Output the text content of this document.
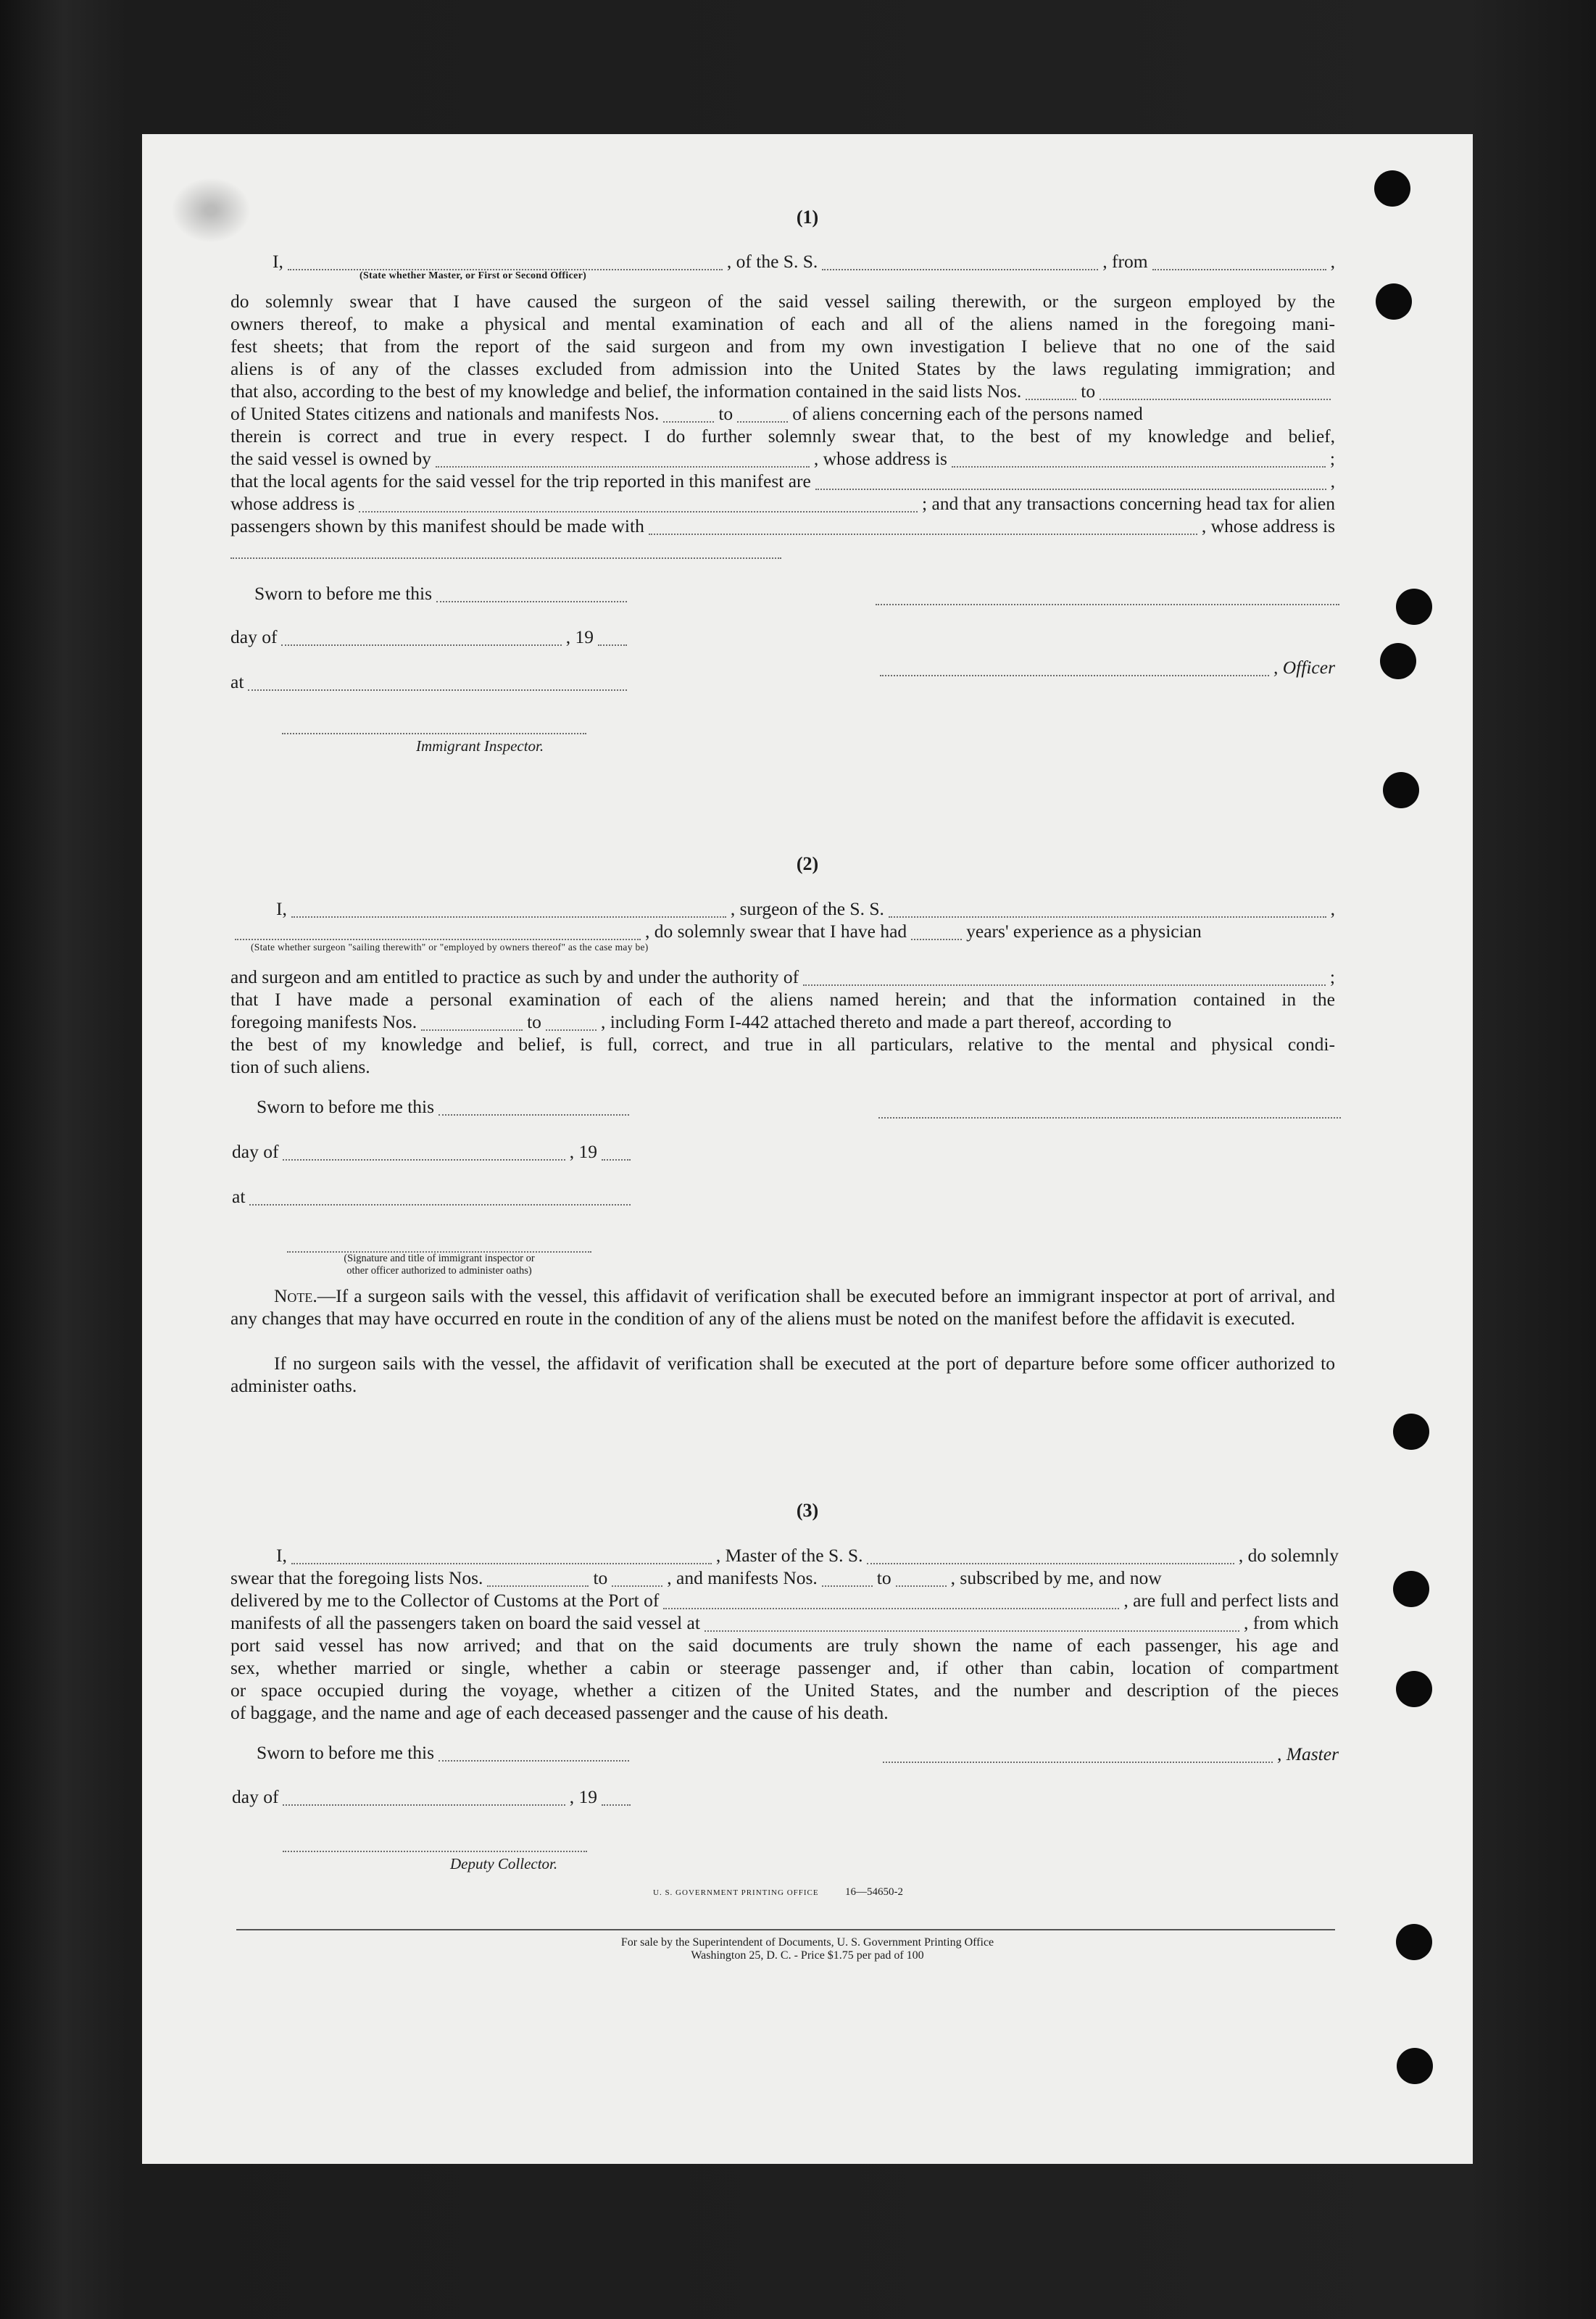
(1)
I,	, of the S. S.	, from	,
(State whether Master, or First or Second Officer)
do solemnly swear that I have caused the surgeon of the said vessel sailing therewith, or the surgeon employed by the
owners thereof, to make a physical and mental examination of each and all of the aliens named in the foregoing mani-
fest sheets; that from the report of the said surgeon and from my own investigation I believe that no one of the said
aliens is of any of the classes excluded from admission into the United States by the laws regulating immigration; and
that also, according to the best of my knowledge and belief, the information contained in the said lists Nos.	to
of United States citizens and nationals and manifests Nos.	to	of aliens concerning each of the persons named
therein is correct and true in every respect. I do further solemnly swear that, to the best of my knowledge and belief,
the said vessel is owned by	, whose address is	;
that the local agents for the said vessel for the trip reported in this manifest are	,
whose address is	; and that any transactions concerning head tax for alien
passengers shown by this manifest should be made with	, whose address is
Sworn to before me this
day of	, 19
, Officer
at
Immigrant Inspector.
(2)
I,	, surgeon of the S. S.	,
, do solemnly swear that I have had	years' experience as a physician
(State whether surgeon "sailing therewith" or "employed by owners thereof" as the case may be)
and surgeon and am entitled to practice as such by and under the authority of	;
that I have made a personal examination of each of the aliens named herein; and that the information contained in the
foregoing manifests Nos.	to	, including Form I-442 attached thereto and made a part thereof, according to
the best of my knowledge and belief, is full, correct, and true in all particulars, relative to the mental and physical condi-
tion of such aliens.
Sworn to before me this
day of	, 19
at
(Signature and title of immigrant inspector or
other officer authorized to administer oaths)
Note.—If a surgeon sails with the vessel, this affidavit of verification shall be executed before an immigrant inspector at port of arrival, and any changes that may have occurred en route in the condition of any of the aliens must be noted on the manifest before the affidavit is executed.
If no surgeon sails with the vessel, the affidavit of verification shall be executed at the port of departure before some officer authorized to administer oaths.
(3)
I,	, Master of the S. S.	, do solemnly
swear that the foregoing lists Nos.	to	, and manifests Nos.	to	, subscribed by me, and now
delivered by me to the Collector of Customs at the Port of	, are full and perfect lists and
manifests of all the passengers taken on board the said vessel at	, from which
port said vessel has now arrived; and that on the said documents are truly shown the name of each passenger, his age and
sex, whether married or single, whether a cabin or steerage passenger and, if other than cabin, location of compartment
or space occupied during the voyage, whether a citizen of the United States, and the number and description of the pieces
of baggage, and the name and age of each deceased passenger and the cause of his death.
Sworn to before me this	, Master
day of	, 19
Deputy Collector.
U. S. GOVERNMENT PRINTING OFFICE 16—54650-2
For sale by the Superintendent of Documents, U. S. Government Printing Office
Washington 25, D. C. - Price $1.75 per pad of 100
